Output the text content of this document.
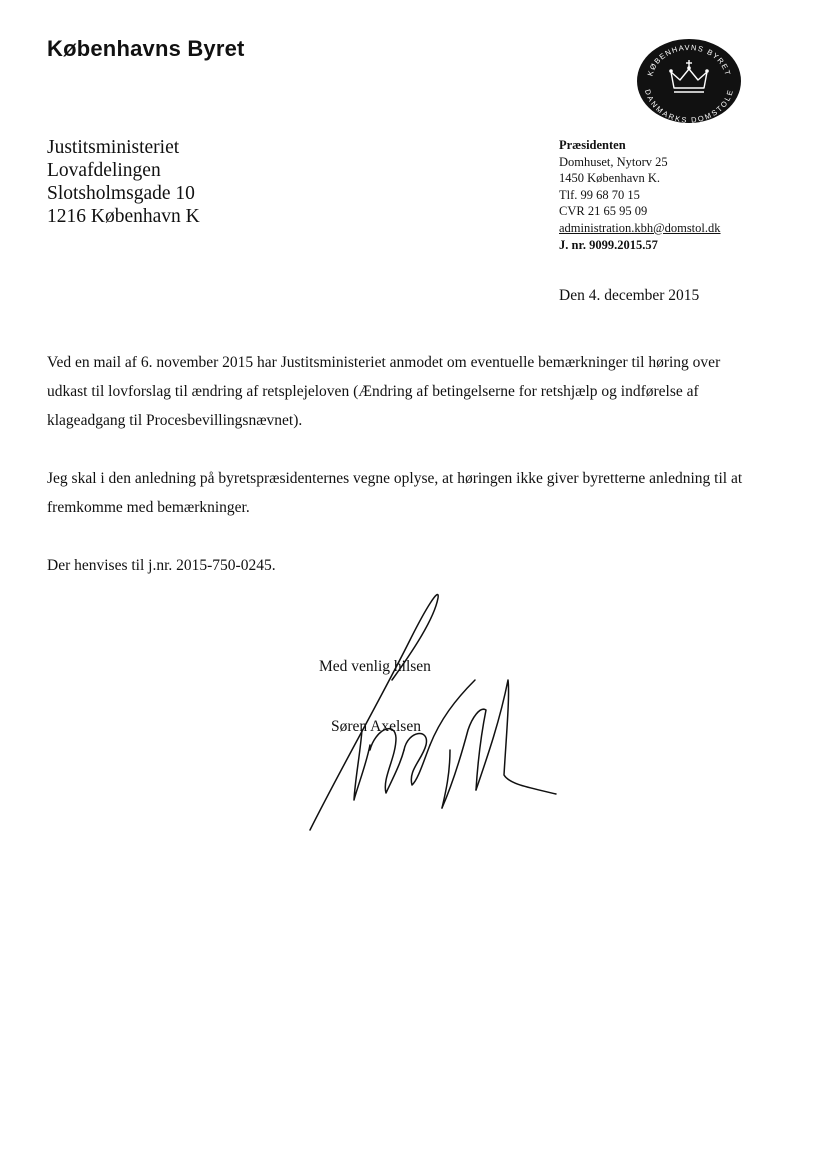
Københavns Byret
KØBENHAVNS BYRET
DANMARKS DOMSTOLE
Justitsministeriet
Lovafdelingen
Slotsholmsgade 10
1216 København K
Præsidenten
Domhuset, Nytorv 25
1450 København K.
Tlf. 99 68 70 15
CVR 21 65 95 09
administration.kbh@domstol.dk
J. nr. 9099.2015.57
Den 4. december 2015

Ved en mail af 6. november 2015 har Justitsministeriet anmodet om eventuelle bemærkninger til høring over udkast til lovforslag til ændring af retsplejeloven (Ændring af betingelserne for retshjælp og indførelse af klageadgang til Procesbevillingsnævnet).

Jeg skal i den anledning på byretspræsidenternes vegne oplyse, at høringen ikke giver byretterne anledning til at fremkomme med bemærkninger.

Der henvises til j.nr. 2015-750-0245.

Med venlig hilsen
Søren Axelsen
